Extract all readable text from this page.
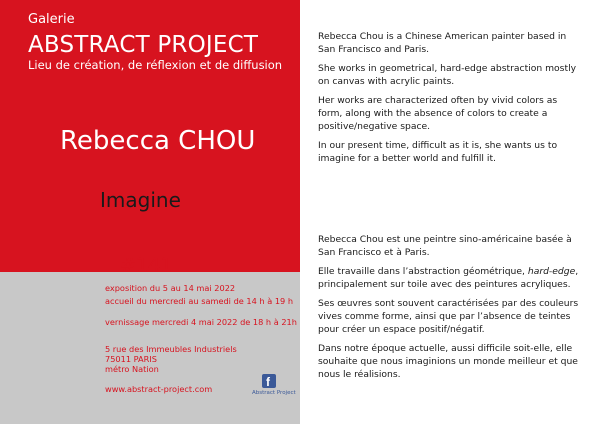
Galerie
ABSTRACT PROJECT
Lieu de création, de réflexion et de diffusion
Rebecca CHOU
Imagine
#141
exposition du 5 au 14 mai 2022
accueil du mercredi au samedi de 14 h à 19 h
vernissage mercredi 4 mai 2022 de 18 h à 21h
5 rue des Immeubles Industriels
75011 PARIS
métro Nation
www.abstract-project.com	f
Abstract Project

Rebecca Chou is a Chinese American painter based in San Francisco and Paris.

She works in geometrical, hard-edge abstraction mostly on canvas with acrylic paints.

Her works are characterized often by vivid colors as form, along with the absence of colors to create a positive/negative space.

In our present time, difficult as it is, she wants us to imagine for a better world and fulfill it.

Rebecca Chou est une peintre sino-américaine basée à San Francisco et à Paris.

Elle travaille dans l’abstraction géométrique, hard-edge, principalement sur toile avec des peintures acryliques.

Ses œuvres sont souvent caractérisées par des couleurs vives comme forme, ainsi que par l’absence de teintes pour créer un espace positif/négatif.

Dans notre époque actuelle, aussi difficile soit-elle, elle souhaite que nous imaginions un monde meilleur et que nous le réalisions.
